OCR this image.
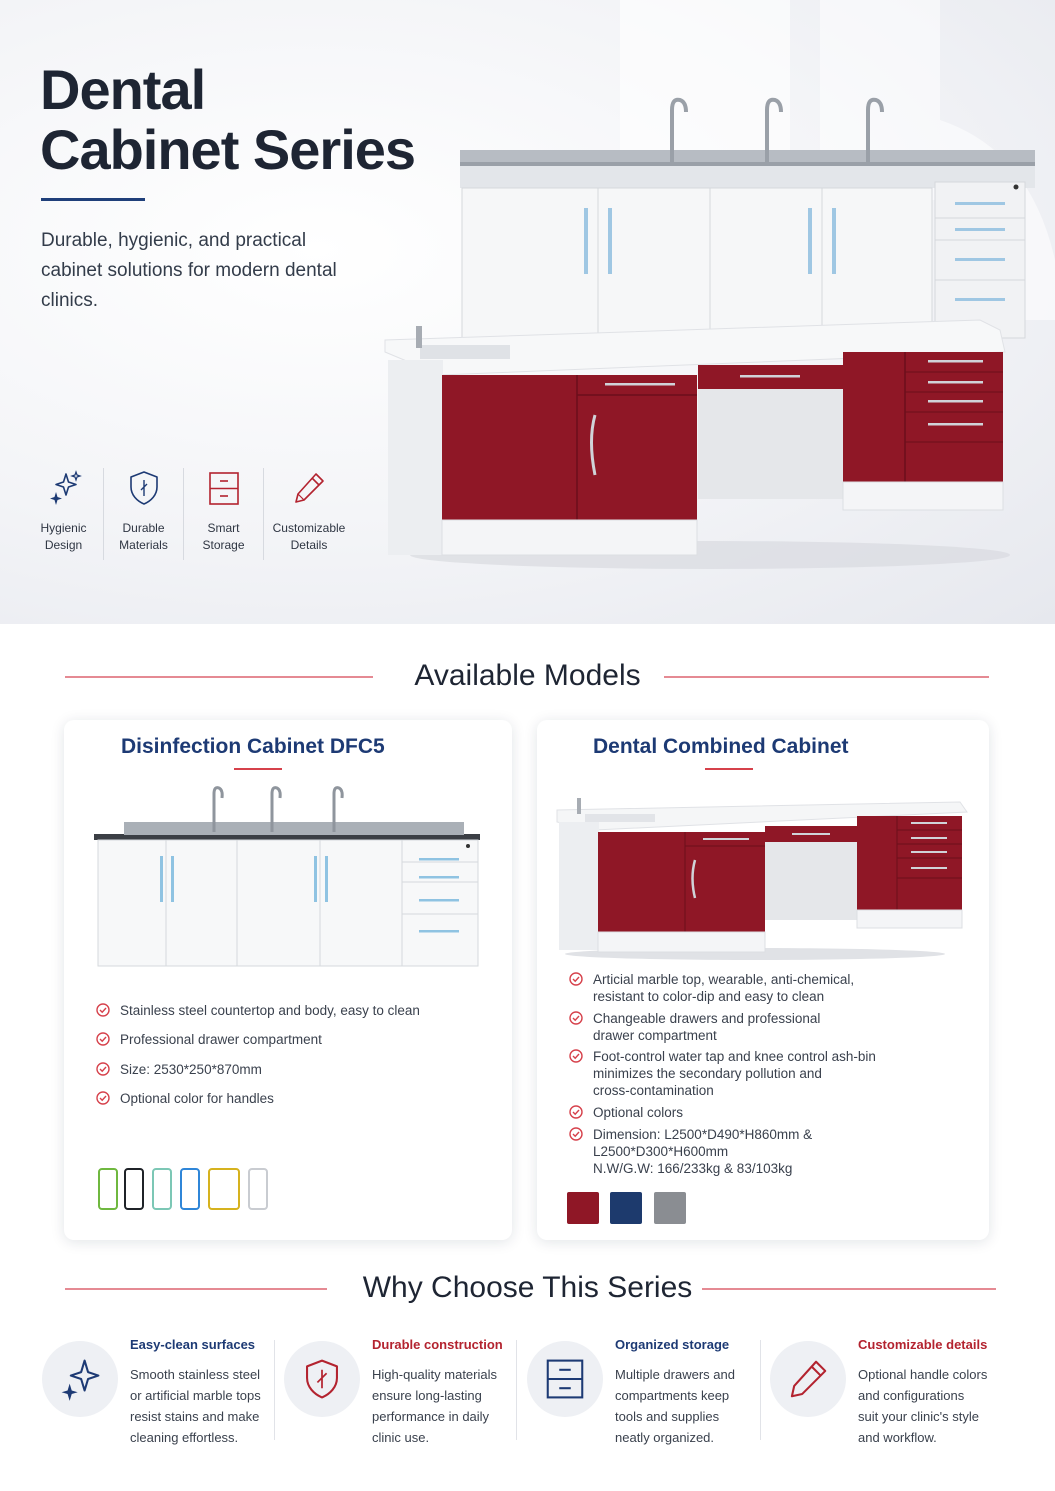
Dental
Cabinet Series

Durable, hygienic, and practical cabinet solutions for modern dental clinics.

Hygienic
Design
Durable
Materials
Smart
Storage
Customizable
Details
Available Models
Disinfection Cabinet DFC5
Stainless steel countertop and body, easy to clean
Professional drawer compartment
Size: 2530*250*870mm
Optional color for handles
Dental Combined Cabinet
Articial marble top, wearable, anti-chemical,
resistant to color-dip and easy to clean
Changeable drawers and professional
drawer compartment
Foot-control water tap and knee control ash-bin
minimizes the secondary pollution and
cross-contamination
Optional colors
Dimension: L2500*D490*H860mm &
L2500*D300*H600mm
N.W/G.W: 166/233kg & 83/103kg
Why Choose This Series
Easy-clean surfaces
Smooth stainless steel
or artificial marble tops
resist stains and make
cleaning effortless.
Durable construction
High-quality materials
ensure long-lasting
performance in daily
clinic use.
Organized storage
Multiple drawers and
compartments keep
tools and supplies
neatly organized.
Customizable details
Optional handle colors
and configurations
suit your clinic's style
and workflow.
